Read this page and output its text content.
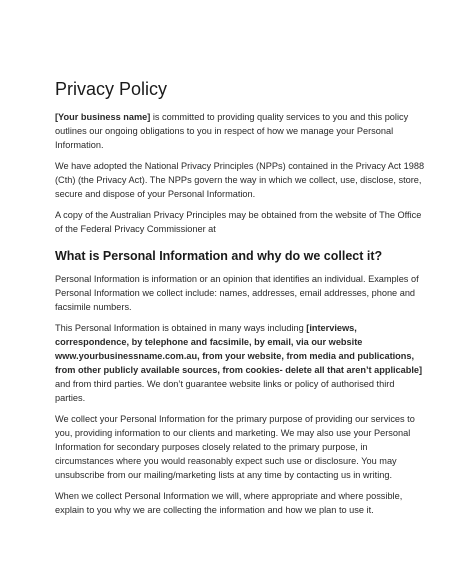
Privacy Policy

[Your business name] is committed to providing quality services to you and this policy outlines our ongoing obligations to you in respect of how we manage your Personal Information.

We have adopted the National Privacy Principles (NPPs) contained in the Privacy Act 1988 (Cth) (the Privacy Act). The NPPs govern the way in which we collect, use, disclose, store, secure and dispose of your Personal Information.

A copy of the Australian Privacy Principles may be obtained from the website of The Office of the Federal Privacy Commissioner at

What is Personal Information and why do we collect it?

Personal Information is information or an opinion that identifies an individual. Examples of Personal Information we collect include: names, addresses, email addresses, phone and facsimile numbers.

This Personal Information is obtained in many ways including [interviews, correspondence, by telephone and facsimile, by email, via our website www.yourbusinessname.com.au, from your website, from media and publications, from other publicly available sources, from cookies- delete all that aren’t applicable] and from third parties. We don’t guarantee website links or policy of authorised third parties.

We collect your Personal Information for the primary purpose of providing our services to you, providing information to our clients and marketing. We may also use your Personal Information for secondary purposes closely related to the primary purpose, in circumstances where you would reasonably expect such use or disclosure. You may unsubscribe from our mailing/marketing lists at any time by contacting us in writing.

When we collect Personal Information we will, where appropriate and where possible, explain to you why we are collecting the information and how we plan to use it.
